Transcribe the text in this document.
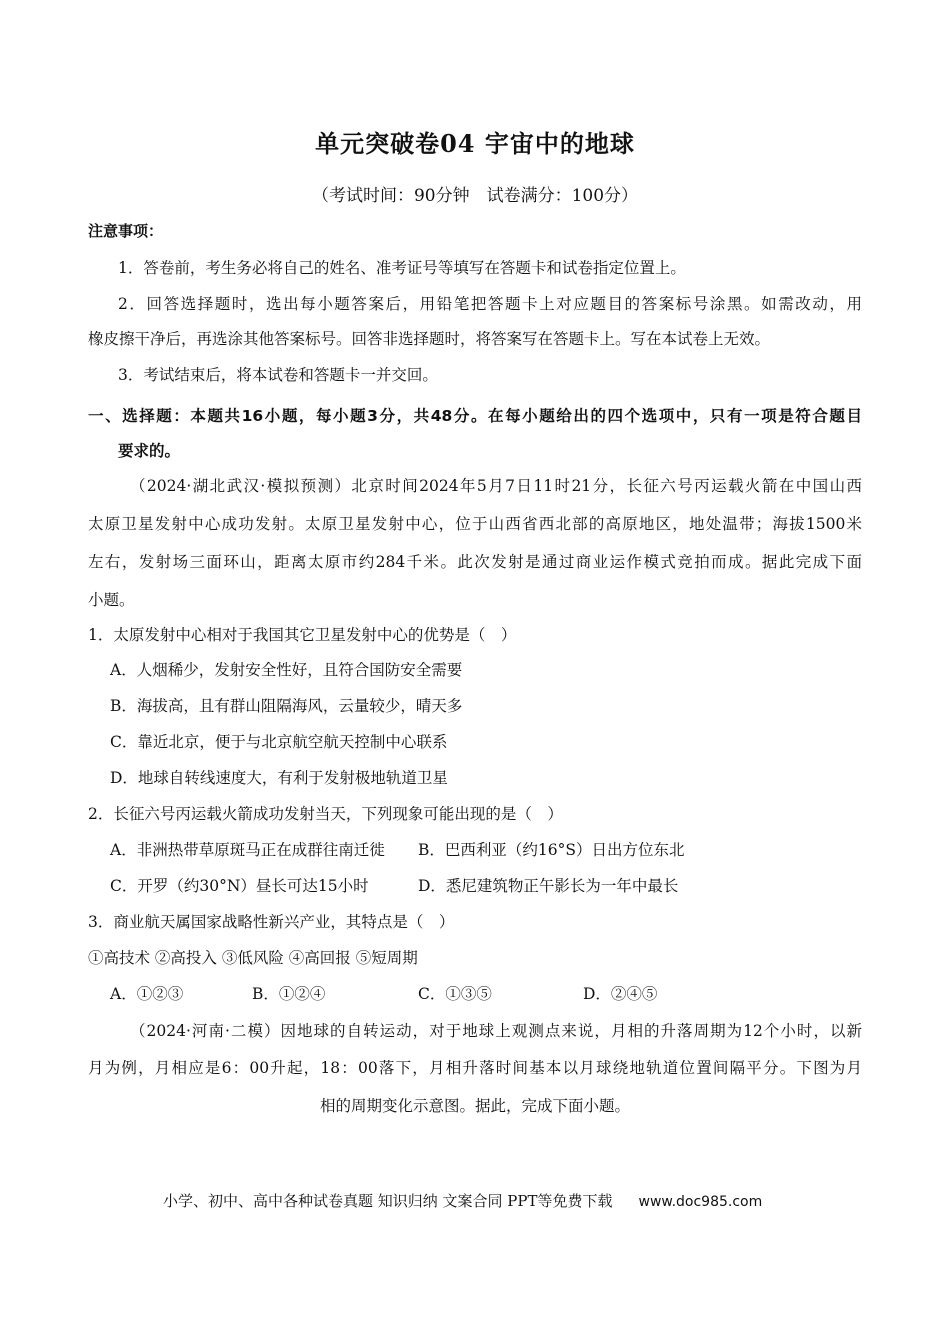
单元突破卷04 宇宙中的地球
（考试时间：90分钟　试卷满分：100分）
注意事项：
1．答卷前，考生务必将自己的姓名、准考证号等填写在答题卡和试卷指定位置上。
2．回答选择题时，选出每小题答案后，用铅笔把答题卡上对应题目的答案标号涂黑。如需改动，用
橡皮擦干净后，再选涂其他答案标号。回答非选择题时，将答案写在答题卡上。写在本试卷上无效。
3．考试结束后，将本试卷和答题卡一并交回。
一、选择题：本题共16小题，每小题3分，共48分。在每小题给出的四个选项中，只有一项是符合题目
要求的。
（2024·湖北武汉·模拟预测）北京时间2024年5月7日11时21分，长征六号丙运载火箭在中国山西
太原卫星发射中心成功发射。太原卫星发射中心，位于山西省西北部的高原地区，地处温带；海拔1500米
左右，发射场三面环山，距离太原市约284千米。此次发射是通过商业运作模式竞拍而成。据此完成下面
小题。
1．太原发射中心相对于我国其它卫星发射中心的优势是（　）
A．人烟稀少，发射安全性好，且符合国防安全需要
B．海拔高，且有群山阻隔海风，云量较少，晴天多
C．靠近北京，便于与北京航空航天控制中心联系
D．地球自转线速度大，有利于发射极地轨道卫星
2．长征六号丙运载火箭成功发射当天，下列现象可能出现的是（　）
A．非洲热带草原斑马正在成群往南迁徙 B．巴西利亚（约16°S）日出方位东北
C．开罗（约30°N）昼长可达15小时	D．悉尼建筑物正午影长为一年中最长
3．商业航天属国家战略性新兴产业，其特点是（　）
①高技术 ②高投入 ③低风险 ④高回报 ⑤短周期
A．①②③	B．①②④	C．①③⑤	D．②④⑤
（2024·河南·二模）因地球的自转运动，对于地球上观测点来说，月相的升落周期为12个小时，以新
月为例，月相应是6：00升起，18：00落下，月相升落时间基本以月球绕地轨道位置间隔平分。下图为月
相的周期变化示意图。据此，完成下面小题。
小学、初中、高中各种试卷真题 知识归纳 文案合同 PPT等免费下载 www.doc985.com
